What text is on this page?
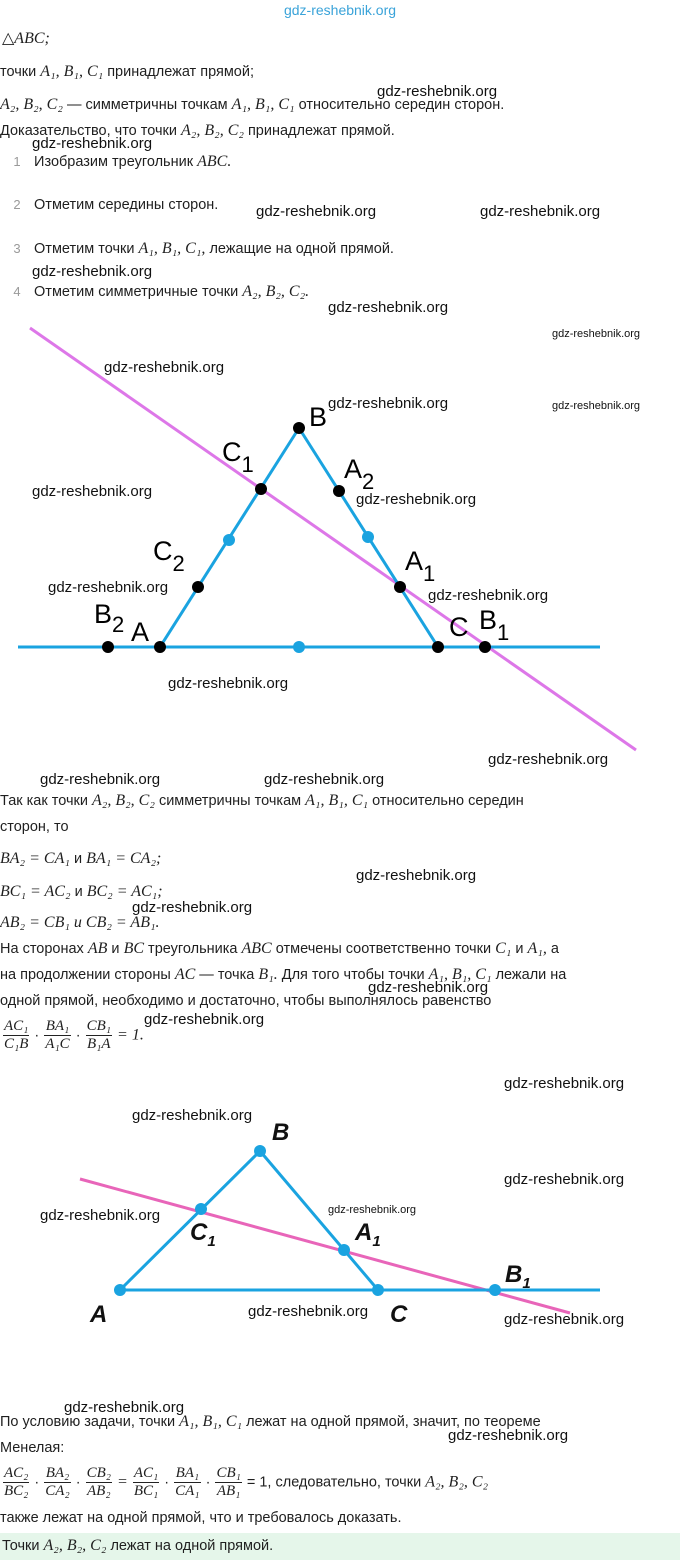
gdz-reshebnik.org
△ABC;
точки A₁, B₁, C₁ принадлежат прямой;
A₂, B₂, C₂ — симметричны точкам A₁, B₁, C₁ относительно середин сторон.
Доказательство, что точки A₂, B₂, C₂ принадлежат прямой.
1 Изобразим треугольник ABC.
2 Отметим середины сторон.
3 Отметим точки A₁, B₁, C₁, лежащие на одной прямой.
4 Отметим симметричные точки A₂, B₂, C₂.
B
$C_1$	$A_2$
$C_2$	$A_1$
$B_2$ A	C $B_1$
Так как точки A₂, B₂, C₂ симметричны точкам A₁, B₁, C₁ относительно середин
сторон, то
BA₂ = CA₁ и BA₁ = CA₂;
BC₁ = AC₂ и BC₂ = AC₁;
AB₂ = CB₁ и CB₂ = AB₁.
На сторонах AB и BC треугольника ABC отмечены соответственно точки C₁ и A₁, а
на продолжении стороны AC — точка B₁. Для того чтобы точки A₁, B₁, C₁ лежали на
одной прямой, необходимо и достаточно, чтобы выполнялось равенство
$\frac{\text{AC₁}}{\text{C₁B}} \cdot \frac{\text{BA₁}}{\text{A₁C}} \cdot \frac{\text{CB₁}}{\text{B₁A}} = 1$.
B
$C_1$	$A_1$
A	C
$B_1$
По условию задачи, точки A₁, B₁, C₁ лежат на одной прямой, значит, по теореме
Менелая:
$\frac{\text{AC₂}}{\text{BC₂}} \cdot \frac{\text{BA₂}}{\text{CA₂}} \cdot \frac{\text{CB₂}}{\text{AB₂}} = \frac{\text{AC₁}}{\text{BC₁}} \cdot \frac{\text{BA₁}}{\text{CA₁}} \cdot \frac{\text{CB₁}}{\text{AB₁}} = 1$, следовательно, точки A₂, B₂, C₂
также лежат на одной прямой, что и требовалось доказать.
Точки A₂, B₂, C₂ лежат на одной прямой.
gdz-reshebnik.org
gdz-reshebnik.org
gdz-reshebnik.org	gdz-reshebnik.org
gdz-reshebnik.org
gdz-reshebnik.org
gdz-reshebnik.org
gdz-reshebnik.org
gdz-reshebnik.org	gdz-reshebnik.org
gdz-reshebnik.org	gdz-reshebnik.org
gdz-reshebnik.org	gdz-reshebnik.org
gdz-reshebnik.org
gdz-reshebnik.org
gdz-reshebnik.org	gdz-reshebnik.org
gdz-reshebnik.org
gdz-reshebnik.org
gdz-reshebnik.org
gdz-reshebnik.org
gdz-reshebnik.org
gdz-reshebnik.org
gdz-reshebnik.org
gdz-reshebnik.org
gdz-reshebnik.org
gdz-reshebnik.org	gdz-reshebnik.org
gdz-reshebnik.org
gdz-reshebnik.org
